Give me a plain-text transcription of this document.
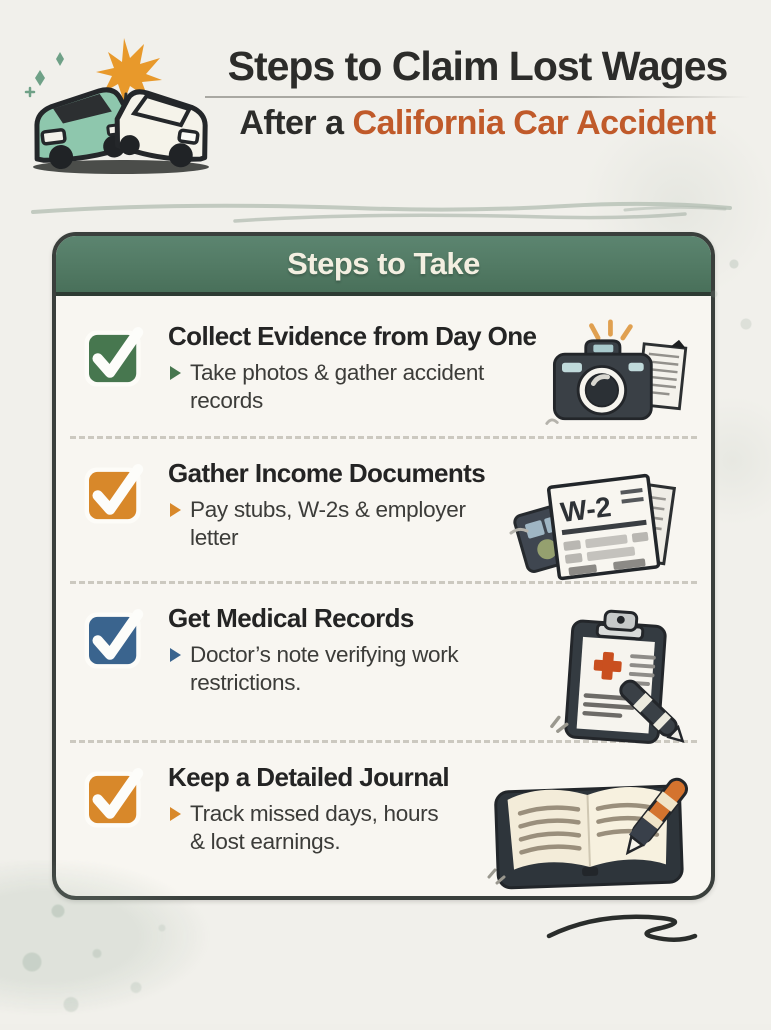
Steps to Claim Lost Wages
After a California Car Accident
Steps to Take
Collect Evidence from Day One
Take photos & gather accident records
Gather Income Documents
Pay stubs, W-2s & employer letter
W-2
Get Medical Records
Doctor’s note verifying work restrictions.
Keep a Detailed Journal
Track missed days, hours & lost earnings.
